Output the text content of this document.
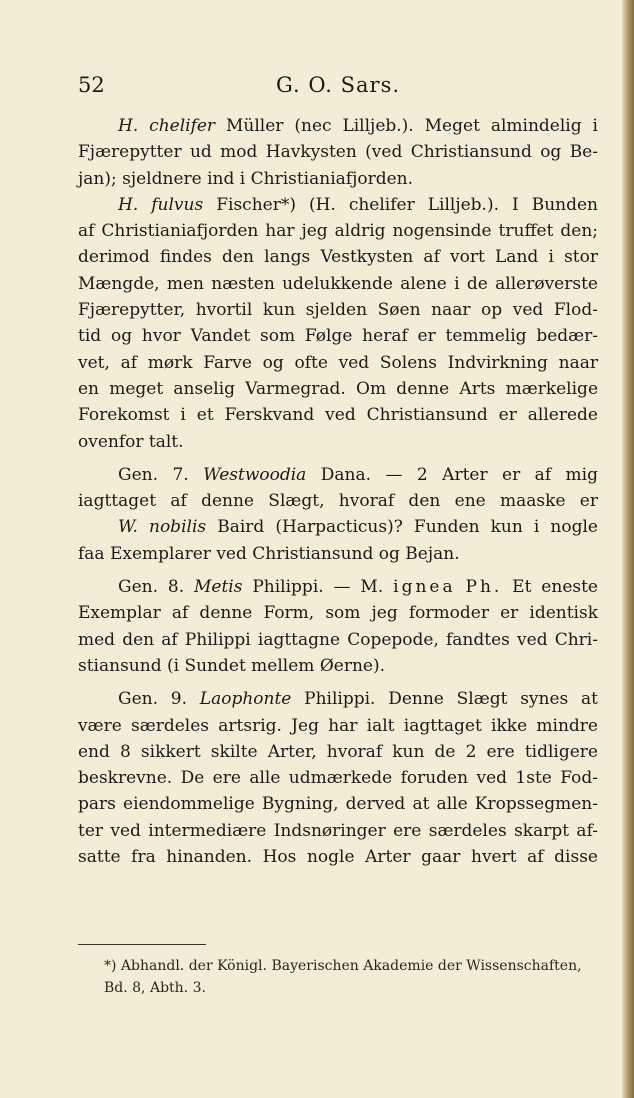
52	G. O. Sars.
H. chelifer Müller (nec Lilljeb.). Meget almindelig i
Fjærepytter ud mod Havkysten (ved Christiansund og Be-
jan); sjeldnere ind i Christianiafjorden.
H. fulvus Fischer*) (H. chelifer Lilljeb.). I Bunden
af Christianiafjorden har jeg aldrig nogensinde truffet den;
derimod findes den langs Vestkysten af vort Land i stor
Mængde, men næsten udelukkende alene i de allerøverste
Fjærepytter, hvortil kun sjelden Søen naar op ved Flod-
tid og hvor Vandet som Følge heraf er temmelig bedær-
vet, af mørk Farve og ofte ved Solens Indvirkning naar
en meget anselig Varmegrad. Om denne Arts mærkelige
Forekomst i et Ferskvand ved Christiansund er allerede
ovenfor talt.
Gen. 7. Westwoodia Dana. — 2 Arter er af mig
iagttaget af denne Slægt, hvoraf den ene maaske er
W. nobilis Baird (Harpacticus)? Funden kun i nogle
faa Exemplarer ved Christiansund og Bejan.
Gen. 8. Metis Philippi. — M. ignea Ph. Et eneste
Exemplar af denne Form, som jeg formoder er identisk
med den af Philippi iagttagne Copepode, fandtes ved Chri-
stiansund (i Sundet mellem Øerne).
Gen. 9. Laophonte Philippi. Denne Slægt synes at
være særdeles artsrig. Jeg har ialt iagttaget ikke mindre
end 8 sikkert skilte Arter, hvoraf kun de 2 ere tidligere
beskrevne. De ere alle udmærkede foruden ved 1ste Fod-
pars eiendommelige Bygning, derved at alle Kropssegmen-
ter ved intermediære Indsnøringer ere særdeles skarpt af-
satte fra hinanden. Hos nogle Arter gaar hvert af disse
*) Abhandl. der Königl. Bayerischen Akademie der Wissenschaften,
Bd. 8, Abth. 3.
